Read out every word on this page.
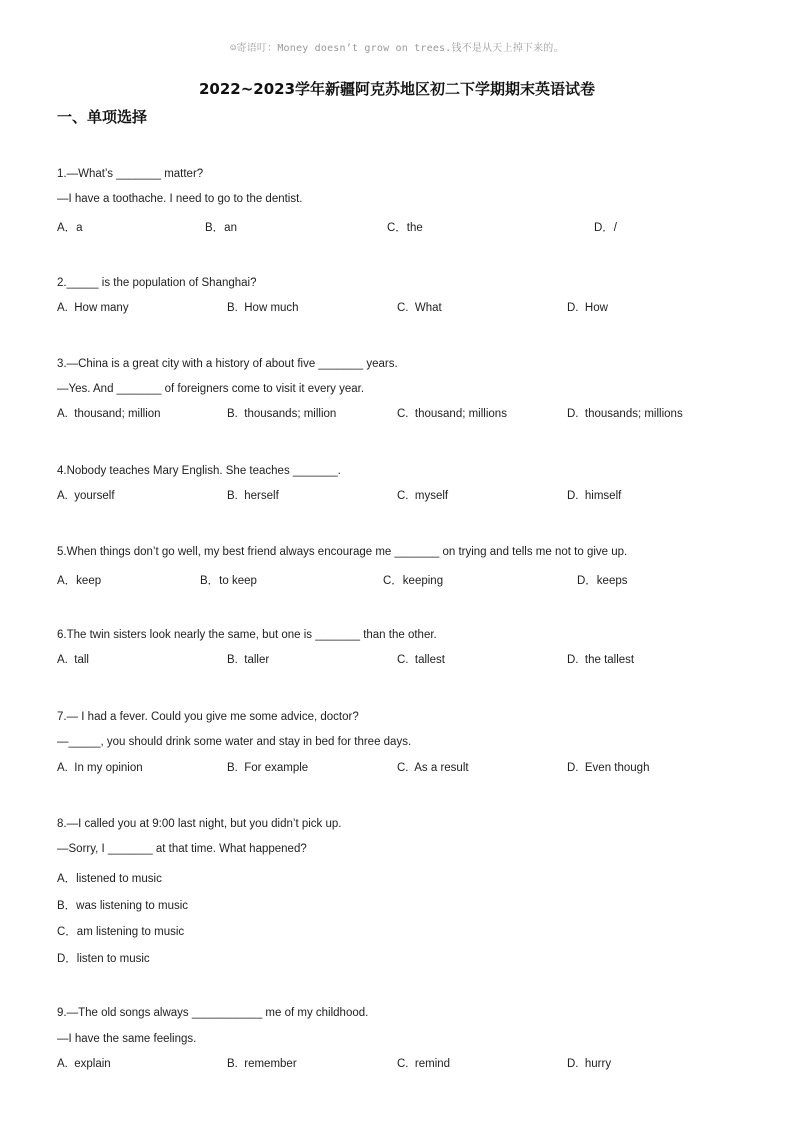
☺寄语叮：Money doesn’t grow on trees.钱不是从天上掉下来的。
2022~2023学年新疆阿克苏地区初二下学期期末英语试卷
一、单项选择
1.—What’s _______ matter?
—I have a toothache. I need to go to the dentist.
A．a	B．an	C．the	D．/
2._____ is the population of Shanghai?
A.  How many	B.  How much	C.  What	D.  How
3.—China is a great city with a history of about five _______ years.
—Yes. And _______ of foreigners come to visit it every year.
A.  thousand; million	B.  thousands; million	C.  thousand; millions	D.  thousands; millions
4.Nobody teaches Mary English. She teaches _______.
A.  yourself	B.  herself	C.  myself	D.  himself
5.When things don’t go well, my best friend always encourage me _______ on trying and tells me not to give up.
A．keep	B．to keep	C．keeping	D．keeps
6.The twin sisters look nearly the same, but one is _______ than the other.
A.  tall	B.  taller	C.  tallest	D.  the tallest
7.— I had a fever. Could you give me some advice, doctor?
—_____, you should drink some water and stay in bed for three days.
A.  In my opinion	B.  For example	C.  As a result	D.  Even though
8.—I called you at 9:00 last night, but you didn’t pick up.
—Sorry, I _______ at that time. What happened?
A．listened to music
B．was listening to music
C．am listening to music
D．listen to music
9.—The old songs always ___________ me of my childhood.
—I have the same feelings.
A.  explain	B.  remember	C.  remind	D.  hurry
